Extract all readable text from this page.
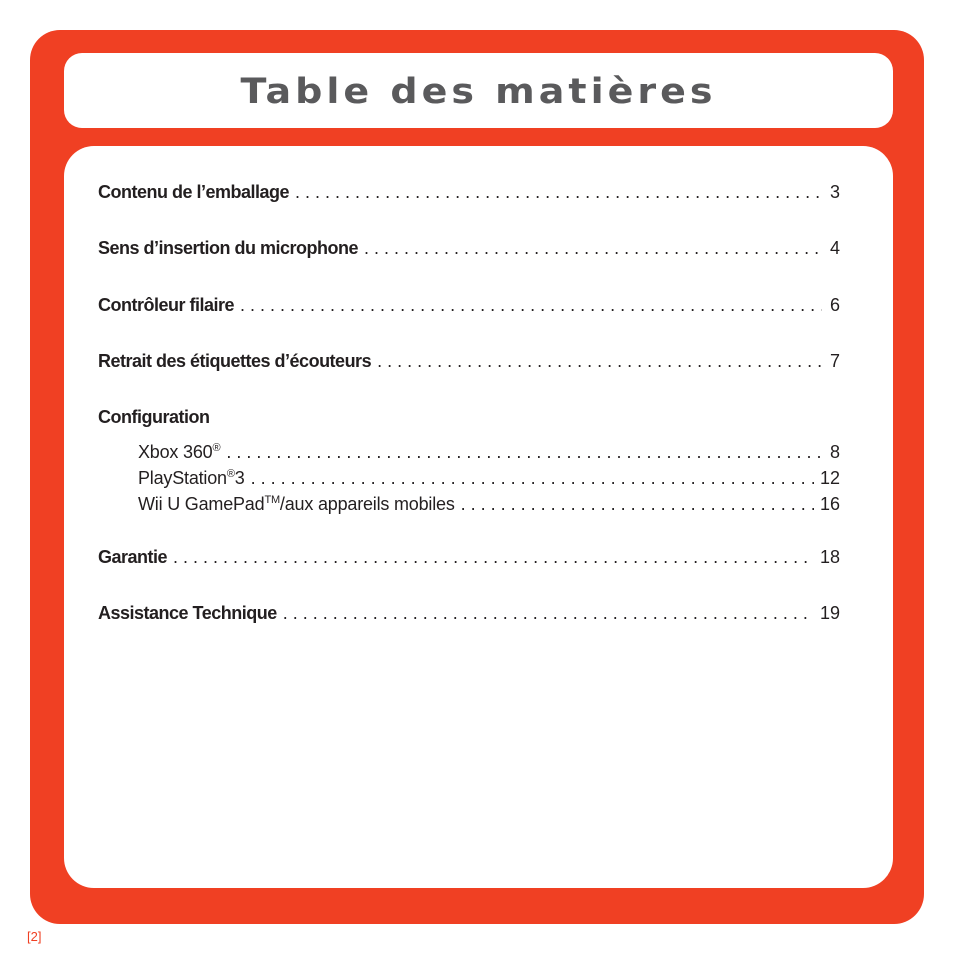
Table des matières
Contenu de l’emballage . . .	3
Sens d’insertion du microphone . . .	4
Contrôleur filaire . . .	6
Retrait des étiquettes d’écouteurs . . .	7
Configuration
Xbox 360® . . .	8
PlayStation®3 . . .	12
Wii U GamePad™/aux appareils mobiles . . .	16
Garantie . . .	18
Assistance Technique . . .	19
[2]
